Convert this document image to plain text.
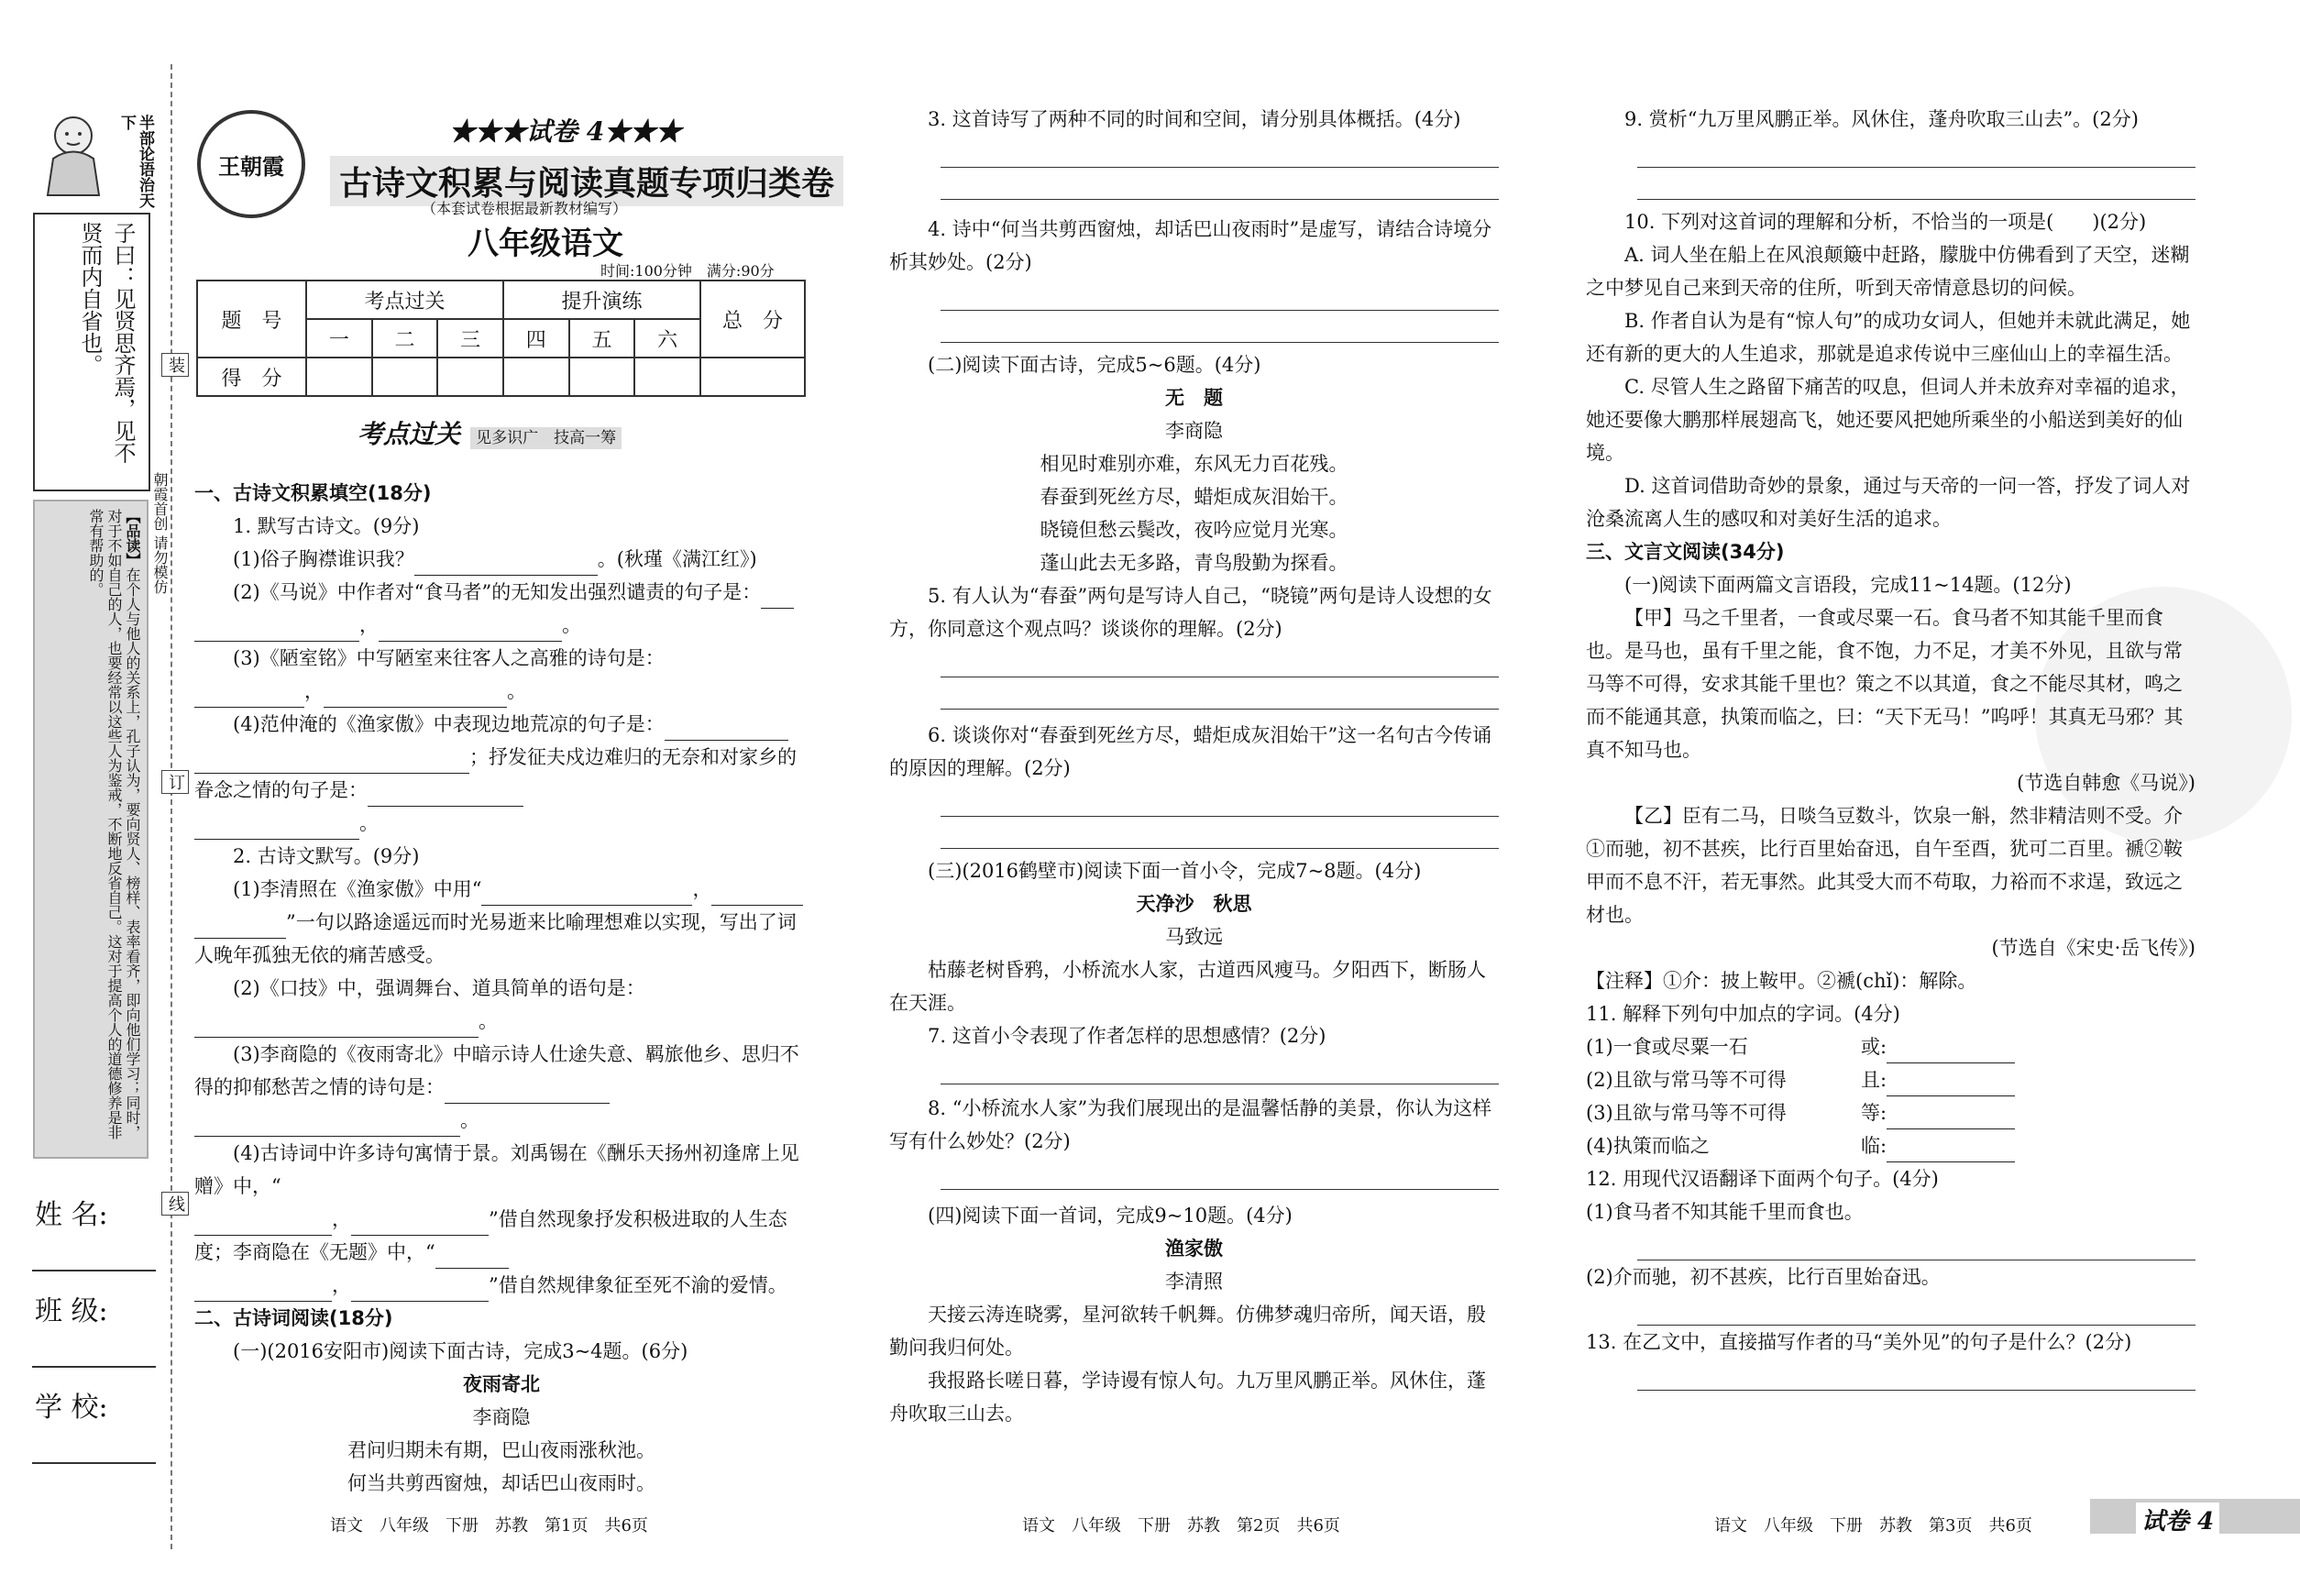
半部论语治天下
子曰：见贤思齐焉，见不贤而内自省也。
【品读】在个人与他人的关系上，孔子认为，要向贤人、榜样、表率看齐，即向他们学习；同时，对于不如自己的人，也要经常以这些人为鉴戒，不断地反省自己。这对于提高个人的道德修养是非常有帮助的。	朝霞首创 请勿模仿
装
订
线
姓 名:
班 级:
学 校:
王朝霞
★★★试卷 4★★★
古诗文积累与阅读真题专项归类卷
（本套试卷根据最新教材编写）
八年级语文
时间:100分钟　满分:90分
题　号	考点过关			提升演练			总　分
	一	二	三	四	五	六	
得　分							
考点过关 见多识广　技高一筹

一、古诗文积累填空(18分)

1. 默写古诗文。(9分)

(1)俗子胸襟谁识我？	。(秋瑾《满江红》)

(2)《马说》中作者对“食马者”的无知发出强烈谴责的句子是：

，	。

(3)《陋室铭》中写陋室来往客人之高雅的诗句是：

，	。

(4)范仲淹的《渔家傲》中表现边地荒凉的句子是：

；抒发征夫戍边难归的无奈和对家乡的眷念之情的句子是：

。

2. 古诗文默写。(9分)

(1)李清照在《渔家傲》中用“	，

”一句以路途遥远而时光易逝来比喻理想难以实现，写出了词人晚年孤独无依的痛苦感受。

(2)《口技》中，强调舞台、道具简单的语句是：

。

(3)李商隐的《夜雨寄北》中暗示诗人仕途失意、羁旅他乡、思归不得的抑郁愁苦之情的诗句是：

。

(4)古诗词中许多诗句寓情于景。刘禹锡在《酬乐天扬州初逢席上见赠》中，“

，	”借自然现象抒发积极进取的人生态度；李商隐在《无题》中，“

，	”借自然规律象征至死不渝的爱情。

二、古诗词阅读(18分)

(一)(2016安阳市)阅读下面古诗，完成3~4题。(6分)

夜雨寄北

李商隐

君问归期未有期，巴山夜雨涨秋池。

何当共剪西窗烛，却话巴山夜雨时。

语文　八年级　下册　苏教　第1页　共6页

3. 这首诗写了两种不同的时间和空间，请分别具体概括。(4分)

4. 诗中“何当共剪西窗烛，却话巴山夜雨时”是虚写，请结合诗境分析其妙处。(2分)

(二)阅读下面古诗，完成5~6题。(4分)

无　题

李商隐

相见时难别亦难，东风无力百花残。

春蚕到死丝方尽，蜡炬成灰泪始干。

晓镜但愁云鬓改，夜吟应觉月光寒。

蓬山此去无多路，青鸟殷勤为探看。

5. 有人认为“春蚕”两句是写诗人自己，“晓镜”两句是诗人设想的女方，你同意这个观点吗？谈谈你的理解。(2分)

6. 谈谈你对“春蚕到死丝方尽，蜡炬成灰泪始干”这一名句古今传诵的原因的理解。(2分)

(三)(2016鹤壁市)阅读下面一首小令，完成7~8题。(4分)

天净沙　秋思

马致远

枯藤老树昏鸦，小桥流水人家，古道西风瘦马。夕阳西下，断肠人在天涯。

7. 这首小令表现了作者怎样的思想感情？(2分)

8. “小桥流水人家”为我们展现出的是温馨恬静的美景，你认为这样写有什么妙处？(2分)

(四)阅读下面一首词，完成9~10题。(4分)

渔家傲

李清照

天接云涛连晓雾，星河欲转千帆舞。仿佛梦魂归帝所，闻天语，殷勤问我归何处。

我报路长嗟日暮，学诗谩有惊人句。九万里风鹏正举。风休住，蓬舟吹取三山去。

语文　八年级　下册　苏教　第2页　共6页

9. 赏析“九万里风鹏正举。风休住，蓬舟吹取三山去”。(2分)

10. 下列对这首词的理解和分析，不恰当的一项是(　　)(2分)

A. 词人坐在船上在风浪颠簸中赶路，朦胧中仿佛看到了天空，迷糊之中梦见自己来到天帝的住所，听到天帝情意恳切的问候。

B. 作者自认为是有“惊人句”的成功女词人，但她并未就此满足，她还有新的更大的人生追求，那就是追求传说中三座仙山上的幸福生活。

C. 尽管人生之路留下痛苦的叹息，但词人并未放弃对幸福的追求，她还要像大鹏那样展翅高飞，她还要风把她所乘坐的小船送到美好的仙境。

D. 这首词借助奇妙的景象，通过与天帝的一问一答，抒发了词人对沧桑流离人生的感叹和对美好生活的追求。

三、文言文阅读(34分)

(一)阅读下面两篇文言语段，完成11~14题。(12分)

【甲】马之千里者，一食或尽粟一石。食马者不知其能千里而食也。是马也，虽有千里之能，食不饱，力不足，才美不外见，且欲与常马等不可得，安求其能千里也？策之不以其道，食之不能尽其材，鸣之而不能通其意，执策而临之，曰：“天下无马！”呜呼！其真无马邪？其真不知马也。

(节选自韩愈《马说》)

【乙】臣有二马，日啖刍豆数斗，饮泉一斛，然非精洁则不受。介①而驰，初不甚疾，比行百里始奋迅，自午至酉，犹可二百里。褫②鞍甲而不息不汗，若无事然。此其受大而不苟取，力裕而不求逞，致远之材也。

(节选自《宋史·岳飞传》)

【注释】①介：披上鞍甲。②褫(chǐ)：解除。

11. 解释下列句中加点的字词。(4分)

(1)一食或尽粟一石	或:

(2)且欲与常马等不可得	且:

(3)且欲与常马等不可得	等:

(4)执策而临之	临:

12. 用现代汉语翻译下面两个句子。(4分)

(1)食马者不知其能千里而食也。

(2)介而驰，初不甚疾，比行百里始奋迅。

13. 在乙文中，直接描写作者的马“美外见”的句子是什么？(2分)

语文　八年级　下册　苏教　第3页　共6页	试卷 4
